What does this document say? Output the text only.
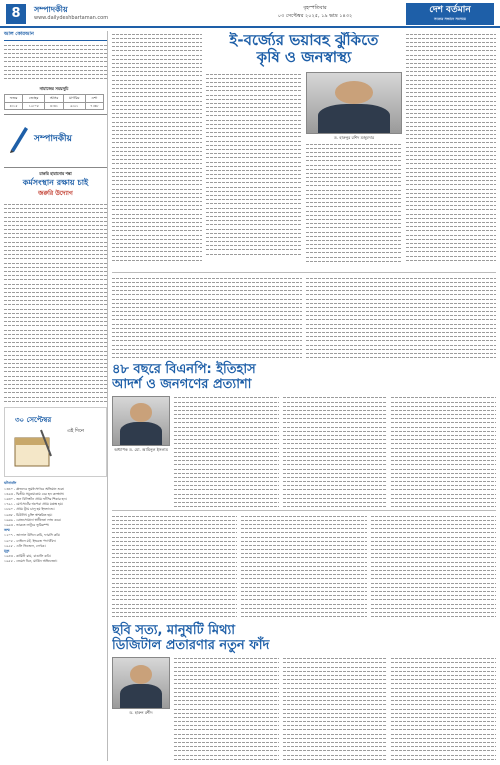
8	সম্পাদকীয়
www.dailydeshbartaman.com
বৃহস্পতিবার
০৩ সেপ্টেম্বর ২০২৫, ১৯ ভাদ্র ১৪৩২
দেশ বর্তমান
সত্যের সন্ধানে সবসময়
আল কোরআন

নামাজের সময়সূচি
ফজর	জোহর	আসর	মাগরিব	এশা
৪:১৫	১২:০৫	৪:৩১	৬:২১	৭:৩৮
সম্পাদকীয়
চাকরি হারানোর শঙ্কা
কর্মসংস্থান রক্ষায় চাই
জরুরি উদ্যোগ

৩০ সেপ্টেম্বর
এই দিনে
ঘটনাবলি
১৩৪০ - স্লাভদের ভূমধ্যসাগরে অভিযান শুরু।
১৪৯৩ - দ্বিতীয় সমুদ্রযাত্রায় বের হন কলম্বাস।
১৬৩০ - জন বিলিংটন প্রথম ফাঁসির শিকার হন।
১৭৯১ - মোৎসার্টের অপেরা প্রথম মঞ্চস্থ হয়।
১৮৬০ - প্রথম ট্রাম চালু হয় ইংল্যান্ডে।
১৯৩৮ - মিউনিখ চুক্তি স্বাক্ষরিত হয়।
১৯৬৬ - বোতসোয়ানা স্বাধীনতা লাভ করে।
১৯৯৩ - ভারতে লাটুরে ভূমিকম্প।
জন্ম
১২০৭ - জালাল উদ্দিন রুমি, ফারসি কবি।
১৯০৫ - নেভিল মট, ইংরেজ পদার্থবিদ।
১৯২৮ - এলি ভিজেল, লেখক।
মৃত্যু
১৯৪৩ - কামিনী রায়, বাঙালি কবি।
১৯৫৫ - জেমস ডিন, মার্কিন অভিনেতা।

ই-বর্জ্যের ভয়াবহ ঝুঁকিতে
কৃষি ও জনস্বাস্থ্য

ড. হারুনুর রশিদ মজুমদার

৪৮ বছরে বিএনপি: ইতিহাস
আদর্শ ও জনগণের প্রত্যাশা
অধ্যাপক ড. মো. আমিনুল ইসলাম

ছবি সত্য, মানুষটি মিথ্যা
ডিজিটাল প্রতারণার নতুন ফাঁদ
ড. হারুন রশীদ
